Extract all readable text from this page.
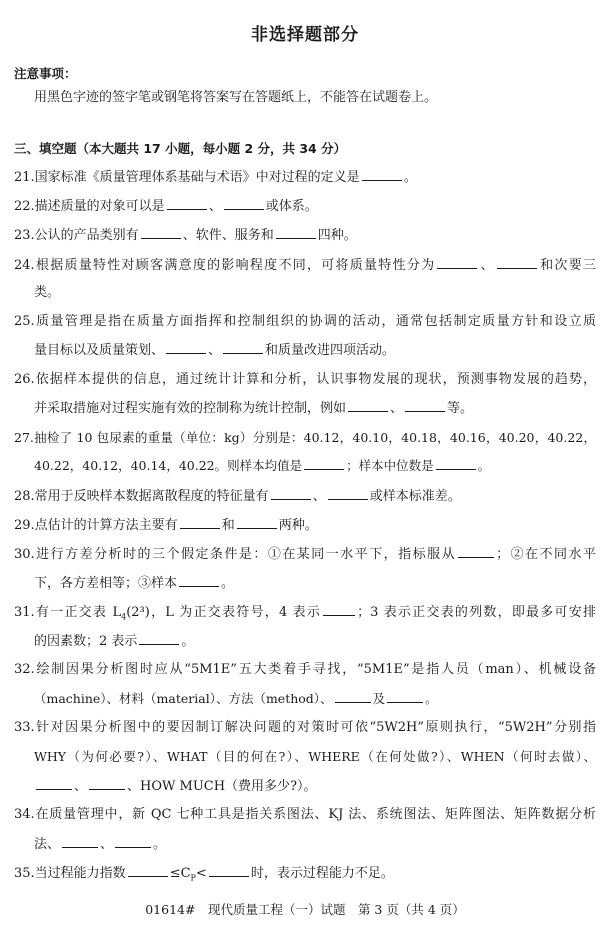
非选择题部分
注意事项：
用黑色字迹的签字笔或钢笔将答案写在答题纸上，不能答在试题卷上。
三、填空题（本大题共 17 小题，每小题 2 分，共 34 分）
21.国家标准《质量管理体系基础与术语》中对过程的定义是	。
22.描述质量的对象可以是	、	或体系。
23.公认的产品类别有	、软件、服务和	四种。
24.根据质量特性对顾客满意度的影响程度不同，可将质量特性分为	、	和次要三
类。
25.质量管理是指在质量方面指挥和控制组织的协调的活动，通常包括制定质量方针和设立质
量目标以及质量策划、	、	和质量改进四项活动。
26.依据样本提供的信息，通过统计计算和分析，认识事物发展的现状，预测事物发展的趋势，
并采取措施对过程实施有效的控制称为统计控制，例如	、	等。
27.抽检了 10 包尿素的重量（单位：kg）分别是：40.12，40.10，40.18，40.16，40.20，40.22，
40.22，40.12，40.14，40.22。则样本均值是	；样本中位数是	。
28.常用于反映样本数据离散程度的特征量有	、	或样本标准差。
29.点估计的计算方法主要有	和	两种。
30.进行方差分析时的三个假定条件是：①在某同一水平下，指标服从	；②在不同水平
下，各方差相等；③样本	。
31.有一正交表 $L_4(2^3)$，L 为正交表符号，4 表示	；3 表示正交表的列数，即最多可安排
的因素数；2 表示	。
32.绘制因果分析图时应从“5M1E”五大类着手寻找，“5M1E”是指人员（man）、机械设备
（machine）、材料（material）、方法（method）、	及	。
33.针对因果分析图中的要因制订解决问题的对策时可依“5W2H”原则执行，“5W2H”分别指
WHY（为何必要?）、WHAT（目的何在?）、WHERE（在何处做?）、WHEN（何时去做）、
、	、HOW MUCH（费用多少?）。
34.在质量管理中，新 QC 七种工具是指关系图法、KJ 法、系统图法、矩阵图法、矩阵数据分析
法、	、	。
35.当过程能力指数	$\le C_P<$	时，表示过程能力不足。
01614#　现代质量工程（一）试题　第 3 页（共 4 页）
